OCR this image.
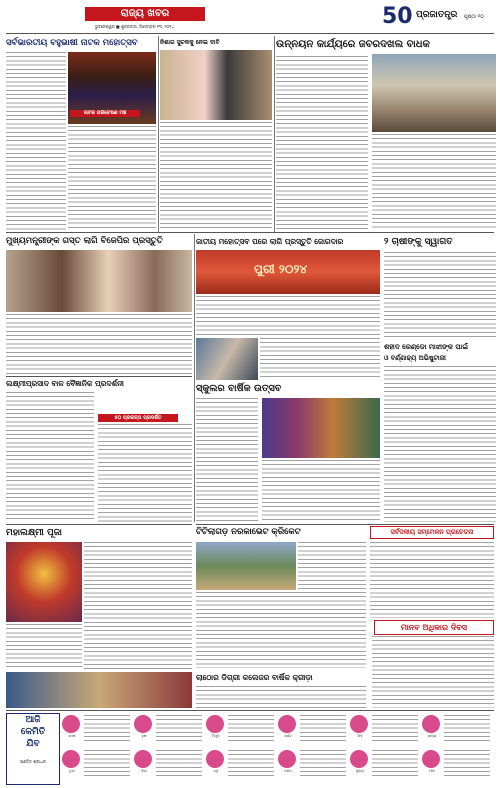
ରାଜ୍ୟ ଖବର
ଭୁବନେଶ୍ୱର ■ ଶୁକ୍ରବାର, ଡିସେମ୍ବର ୧୩, ୨୦୨୪	50 ପ୍ରଜାତନ୍ତ୍ର ପୃଷ୍ଠା ୧୦
ସର୍ବଭାରତୀୟ ବହୁଭାଷୀ ନାଟକ ମହୋତ୍ସବ
ନାଟକ ପରିବେଷଣ ମଞ୍ଚ
ନିଶାର ସୁଚକକୁ ନେଇ ଦାବି	ଉନ୍ନୟନ କାର୍ଯ୍ୟରେ ଜବରଦଖଲ ବାଧକ
ମୁଖ୍ୟମନ୍ତ୍ରୀଙ୍କ ଗସ୍ତ ଲାଗି ବିଜେପିର ପ୍ରସ୍ତୁତି	ଜାତୀୟ ମହୋତ୍ସବ ପରେ ଲାଗି ପ୍ରସ୍ତୁତି ଜୋରଦାର
ପୁରୀ ୨୦୨୪
୨ ଚାଷୀଙ୍କୁ ସ୍ୱାଗତ
ଶହୀଦ ରେଣ୍ଡୋ ମାଝୀଙ୍କ ପାଇଁ
ଓ ବର୍ଣ୍ଣାଢ୍ୟ ଅଭିଷୁଟାରୀ
ଲକ୍ଷ୍ମୀପ୍ରସାଦ ବାଳ ବୈଜ୍ଞାନିକ ପ୍ରଦର୍ଶନୀ
୫୦ ପ୍ରକଳ୍ପ ପ୍ରଦର୍ଶିତ
ସ୍କୁଲର ବାର୍ଷିକ ଉତ୍ସବ
ଟିଟିଲାଗଡ଼ ନରକାଭେଟ କ୍ରିକେଟ	ସର୍ବଦଳୀୟ ସମ୍ମେଳନ ପ୍ରଚେତନା
ମହାଲକ୍ଷ୍ମୀ ପୂଜା
ମାନବ ଅଧିକାର ଦିବସ
ଲାଠୋର ଡିଗ୍ରୀ କଲେଜର ବାର୍ଷିକ କ୍ରୀଡ଼ା
ଆଜି
କେମିତି
ଯିବ
ପଣ୍ଡିତ ଶ୍ରୀଧର
ମେଷ	ବୃଷ	ମିଥୁନ	କର୍କଟ	ସିଂହ	କନ୍ୟା
ତୁଳା	ବିଛା	ଧନୁ	ମକର	କୁମ୍ଭ	ମୀନ
